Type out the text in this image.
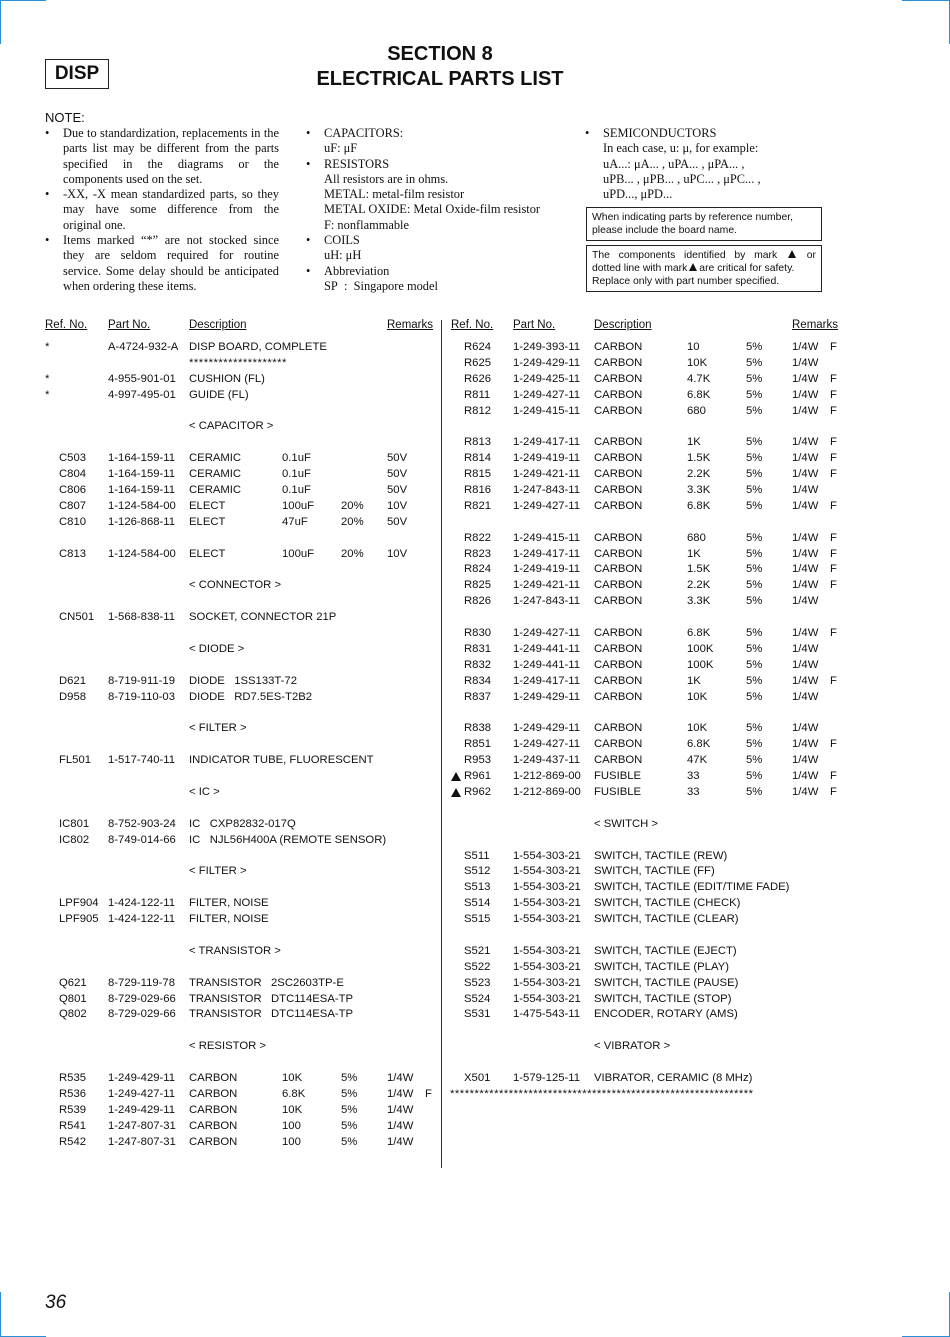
DISP
SECTION 8
ELECTRICAL PARTS LIST
NOTE:
• Due to standardization, replacements in the parts list may be different from the parts specified in the diagrams or the components used on the set.
• -XX, -X mean standardized parts, so they may have some difference from the original one.
• Items marked “*” are not stocked since they are seldom required for routine service. Some delay should be anticipated when ordering these items.
• CAPACITORS:
uF: μF
• RESISTORS
All resistors are in ohms.
METAL: metal-film resistor
METAL OXIDE: Metal Oxide-film resistor
F: nonflammable
• COILS
uH: μH
• Abbreviation
SP  :  Singapore model
• SEMICONDUCTORS
In each case, u: μ, for example:
uA...: μA... , uPA... , μPA... ,
uPB... , μPB... , uPC... , μPC... ,
uPD..., μPD...
When indicating parts by reference number,
please include the board name.
The components identified by mark	or
dotted line with mark are critical for safety.
Replace only with part number specified.
Ref. No. Part No.	Description	Remarks Ref. No. Part No.	Description	Remarks
*	A-4724-932-A DISP BOARD, COMPLETE
********************
*	4-955-901-01 CUSHION (FL)
*	4-997-495-01 GUIDE (FL)
< CAPACITOR >
C503 1-164-159-11 CERAMIC	0.1uF	50V
C804 1-164-159-11 CERAMIC	0.1uF	50V
C806 1-164-159-11 CERAMIC	0.1uF	50V
C807 1-124-584-00 ELECT	100uF 20% 10V
C810 1-126-868-11 ELECT	47uF	20% 50V
C813 1-124-584-00 ELECT	100uF 20% 10V
< CONNECTOR >
CN501 1-568-838-11 SOCKET, CONNECTOR 21P
< DIODE >
D621 8-719-911-19 DIODE   1SS133T-72
D958 8-719-110-03 DIODE   RD7.5ES-T2B2
< FILTER >
FL501 1-517-740-11 INDICATOR TUBE, FLUORESCENT
< IC >
IC801 8-752-903-24 IC   CXP82832-017Q
IC802 8-749-014-66 IC   NJL56H400A (REMOTE SENSOR)
< FILTER >
LPF904 1-424-122-11 FILTER, NOISE
LPF905 1-424-122-11 FILTER, NOISE
< TRANSISTOR >
Q621 8-729-119-78 TRANSISTOR   2SC2603TP-E
Q801 8-729-029-66 TRANSISTOR   DTC114ESA-TP
Q802 8-729-029-66 TRANSISTOR   DTC114ESA-TP
< RESISTOR >
R535 1-249-429-11 CARBON	10K	5%	1/4W
R536 1-249-427-11 CARBON	6.8K	5%	1/4W F
R539 1-249-429-11 CARBON	10K	5%	1/4W
R541 1-247-807-31 CARBON	100	5%	1/4W
R542 1-247-807-31 CARBON	100	5%	1/4W
R624 1-249-393-11 CARBON	10	5%	1/4W F
R625 1-249-429-11 CARBON	10K	5%	1/4W
R626 1-249-425-11 CARBON	4.7K	5%	1/4W F
R811 1-249-427-11 CARBON	6.8K	5%	1/4W F
R812 1-249-415-11 CARBON	680	5%	1/4W F
R813 1-249-417-11 CARBON	1K	5%	1/4W F
R814 1-249-419-11 CARBON	1.5K	5%	1/4W F
R815 1-249-421-11 CARBON	2.2K	5%	1/4W F
R816 1-247-843-11 CARBON	3.3K	5%	1/4W
R821 1-249-427-11 CARBON	6.8K	5%	1/4W F
R822 1-249-415-11 CARBON	680	5%	1/4W F
R823 1-249-417-11 CARBON	1K	5%	1/4W F
R824 1-249-419-11 CARBON	1.5K	5%	1/4W F
R825 1-249-421-11 CARBON	2.2K	5%	1/4W F
R826 1-247-843-11 CARBON	3.3K	5%	1/4W
R830 1-249-427-11 CARBON	6.8K	5%	1/4W F
R831 1-249-441-11 CARBON	100K	5%	1/4W
R832 1-249-441-11 CARBON	100K	5%	1/4W
R834 1-249-417-11 CARBON	1K	5%	1/4W F
R837 1-249-429-11 CARBON	10K	5%	1/4W
R838 1-249-429-11 CARBON	10K	5%	1/4W
R851 1-249-427-11 CARBON	6.8K	5%	1/4W F
R953 1-249-437-11 CARBON	47K	5%	1/4W
R961 1-212-869-00 FUSIBLE	33	5%	1/4W F
R962 1-212-869-00 FUSIBLE	33	5%	1/4W F
< SWITCH >
S511 1-554-303-21 SWITCH, TACTILE (REW)
S512 1-554-303-21 SWITCH, TACTILE (FF)
S513 1-554-303-21 SWITCH, TACTILE (EDIT/TIME FADE)
S514 1-554-303-21 SWITCH, TACTILE (CHECK)
S515 1-554-303-21 SWITCH, TACTILE (CLEAR)
S521 1-554-303-21 SWITCH, TACTILE (EJECT)
S522 1-554-303-21 SWITCH, TACTILE (PLAY)
S523 1-554-303-21 SWITCH, TACTILE (PAUSE)
S524 1-554-303-21 SWITCH, TACTILE (STOP)
S531 1-475-543-11 ENCODER, ROTARY (AMS)
< VIBRATOR >
X501 1-579-125-11 VIBRATOR, CERAMIC (8 MHz)
**************************************************************
36
